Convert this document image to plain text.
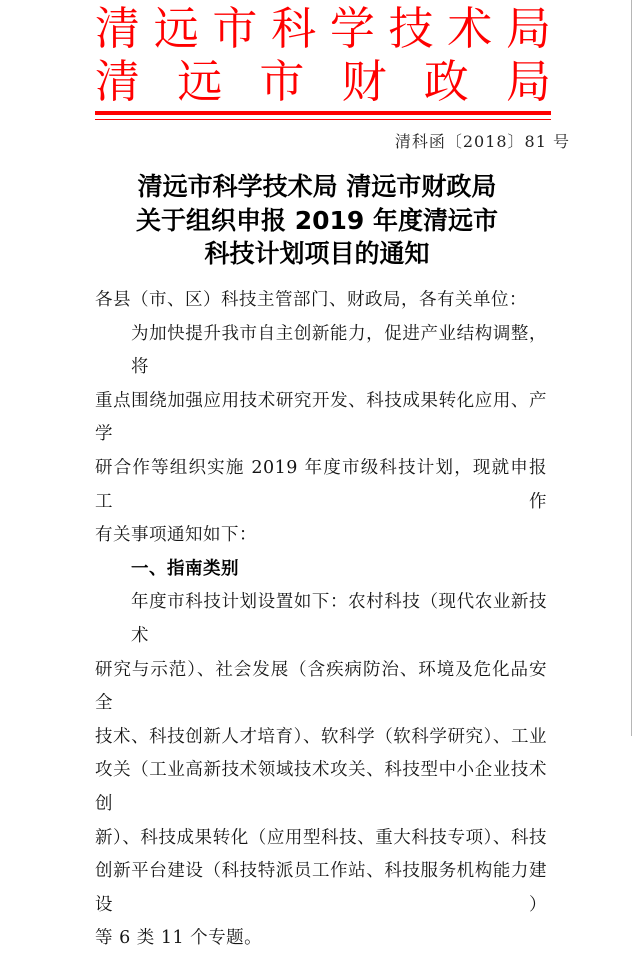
清远市科学技术局
清远市财政局
清科函〔2018〕81 号
清远市科学技术局 清远市财政局
关于组织申报 2019 年度清远市
科技计划项目的通知
各县（市、区）科技主管部门、财政局，各有关单位：
为加快提升我市自主创新能力，促进产业结构调整，将
重点围绕加强应用技术研究开发、科技成果转化应用、产学
研合作等组织实施 2019 年度市级科技计划，现就申报工作
有关事项通知如下：
一、指南类别
年度市科技计划设置如下：农村科技（现代农业新技术
研究与示范）、社会发展（含疾病防治、环境及危化品安全
技术、科技创新人才培育）、软科学（软科学研究）、工业
攻关（工业高新技术领域技术攻关、科技型中小企业技术创
新）、科技成果转化（应用型科技、重大科技专项）、科技
创新平台建设（科技特派员工作站、科技服务机构能力建设）
等 6 类 11 个专题。
